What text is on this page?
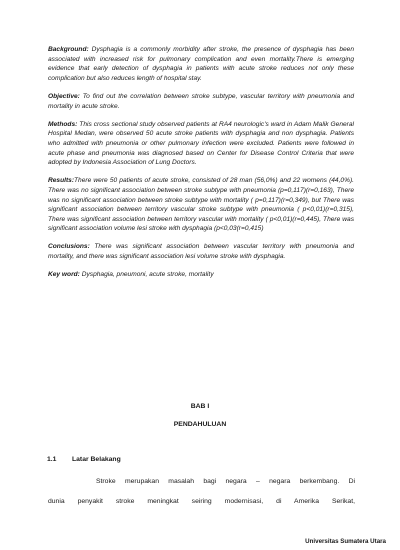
Background: Dysphagia is a commonly morbidity after stroke, the presence of dysphagia has been associated with increased risk for pulmonary complication and even mortality.There is emerging evidence that early detection of dysphagia in patients with acute stroke reduces not only these complication but also reduces length of hospital stay.

Objective: To find out the correlation between stroke subtype, vascular territory with pneumonia and mortality in acute stroke.

Methods: This cross sectional study observed patients at RA4 neurologic's ward in Adam Malik General Hospital Medan, were observed 50 acute stroke patients with dysphagia and non dysphagia. Patients who admitted with pneumonia or other pulmonary infection were excluded. Patients were followed in acute phase and pneumonia was diagnosed based on Center for Disease Control Criteria that were adopted by Indonesia Association of Lung Doctors.

Results:There were 50 patients of acute stroke, consisted of 28 man (56,0%) and 22 womens (44,0%). There was no significant association between stroke subtype with pneumonia (p=0,117)(r=0,163), There was no significant association between stroke subtype with mortality ( p=0,117)(r=0,349), but There was significant association between territory vascular stroke subtype with pneumonia ( p<0,01)(r=0,315), There was significant association between territory vascular with mortality ( p<0,01)(r=0,445), There was significant association volume lesi stroke with dysphagia (p<0,03(r=0,415)

Conclusions: There was significant association between vascular territory with pneumonia and mortality, and there was significant association lesi volume stroke with dysphagia.

Key word: Dysphagia, pneumoni, acute stroke, mortality

BAB I
PENDAHULUAN
1.1 Latar Belakang
Stroke merupakan masalah bagi negara – negara berkembang. Di
dunia penyakit stroke meningkat seiring modernisasi, di Amerika Serikat,
Universitas Sumatera Utara
